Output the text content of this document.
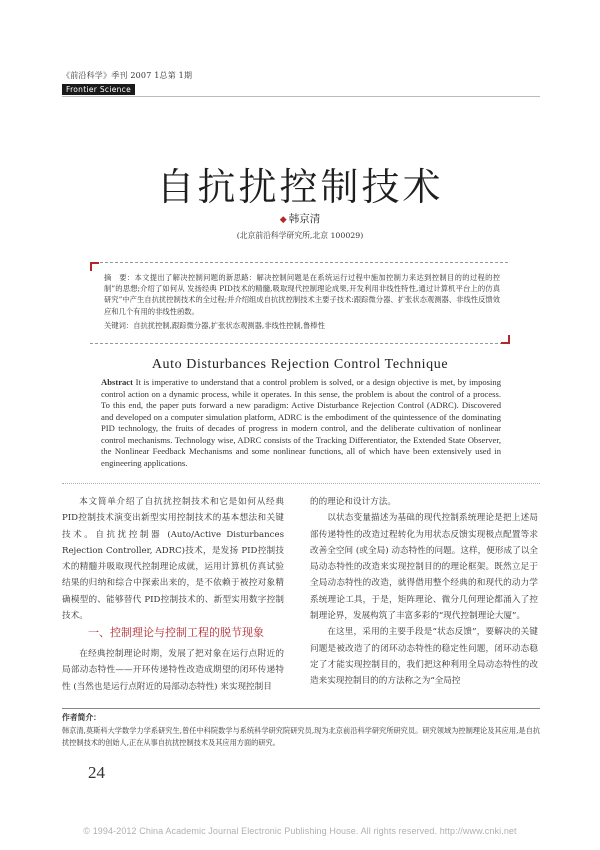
《前沿科学》季刊 2007 1总第 1期
Frontier Science
自抗扰控制技术
◆ 韩京清
(北京前沿科学研究所,北京 100029)
摘　要：本文提出了解决控制问题的新思路：解决控制问题是在系统运行过程中施加控制力来达到控制目的的过程的控制”的思想;介绍了如何从 发扬经典 PID技术的精髓,吸取现代控制理论成果,开发利用非线性特性,通过计算机平台上的仿真研究”中产生自抗扰控制技术的全过程;并介绍组成自抗扰控制技术主要子技术:跟踪微分器、扩张状态观测器、非线性反馈效应和几个有用的非线性函数。
关键词：自抗扰控制,跟踪微分器,扩张状态观测器,非线性控制,鲁棒性
Auto Disturbances Rejection Control Technique
Abstract It is imperative to understand that a control problem is solved, or a design objective is met, by imposing control action on a dynamic process, while it operates. In this sense, the problem is about the control of a process. To this end, the paper puts forward a new paradigm: Active Disturbance Rejection Control (ADRC). Discovered and developed on a computer simulation platform, ADRC is the embodiment of the quintessence of the dominating PID technology, the fruits of decades of progress in modern control, and the deliberate cultivation of nonlinear control mechanisms. Technology wise, ADRC consists of the Tracking Differentiator, the Extended State Observer, the Nonlinear Feedback Mechanisms and some nonlinear functions, all of which have been extensively used in engineering applications.

本文简单介绍了自抗扰控制技术和它是如何从经典PID控制技术演变出新型实用控制技术的基本想法和关键技术。自抗扰控制器 (Auto/Active Disturbances Rejection Controller, ADRC)技术，是发扬 PID控制技术的精髓并吸取现代控制理论成就，运用计算机仿真试验结果的归纳和综合中探索出来的，是不依赖于被控对象精确模型的、能够替代 PID控制技术的、新型实用数字控制技术。

一、控制理论与控制工程的脱节现象

在经典控制理论时期，发展了把对象在运行点附近的局部动态特性——开环传递特性改造成期望的闭环传递特性 (当然也是运行点附近的局部动态特性) 来实现控制目

的的理论和设计方法。

以状态变量描述为基础的现代控制系统理论是把上述局部传递特性的改造过程转化为用状态反馈实现极点配置等求改善全空间 (或全局) 动态特性的问题。这样，便形成了以全局动态特性的改造来实现控制目的的理论框架。既然立足于全局动态特性的改造，就得借用整个经典的和现代的动力学系统理论工具，于是，矩阵理论、微分几何理论都涌入了控制理论界，发展构筑了丰富多彩的“现代控制理论大厦”。

在这里，采用的主要手段是“状态反馈”，要解决的关键问题是被改造了的闭环动态特性的稳定性问题，闭环动态稳定了才能实现控制目的，我们把这种利用全局动态特性的改造来实现控制目的的方法称之为“全局控

作者简介：
韩京清,莫斯科大学数学力学系研究生,曾任中科院数学与系统科学研究院研究员,现为北京前沿科学研究所研究员。研究领域为控制理论及其应用,是自抗扰控制技术的创始人,正在从事自抗扰控制技术及其应用方面的研究。
24
© 1994-2012 China Academic Journal Electronic Publishing House. All rights reserved. http://www.cnki.net
